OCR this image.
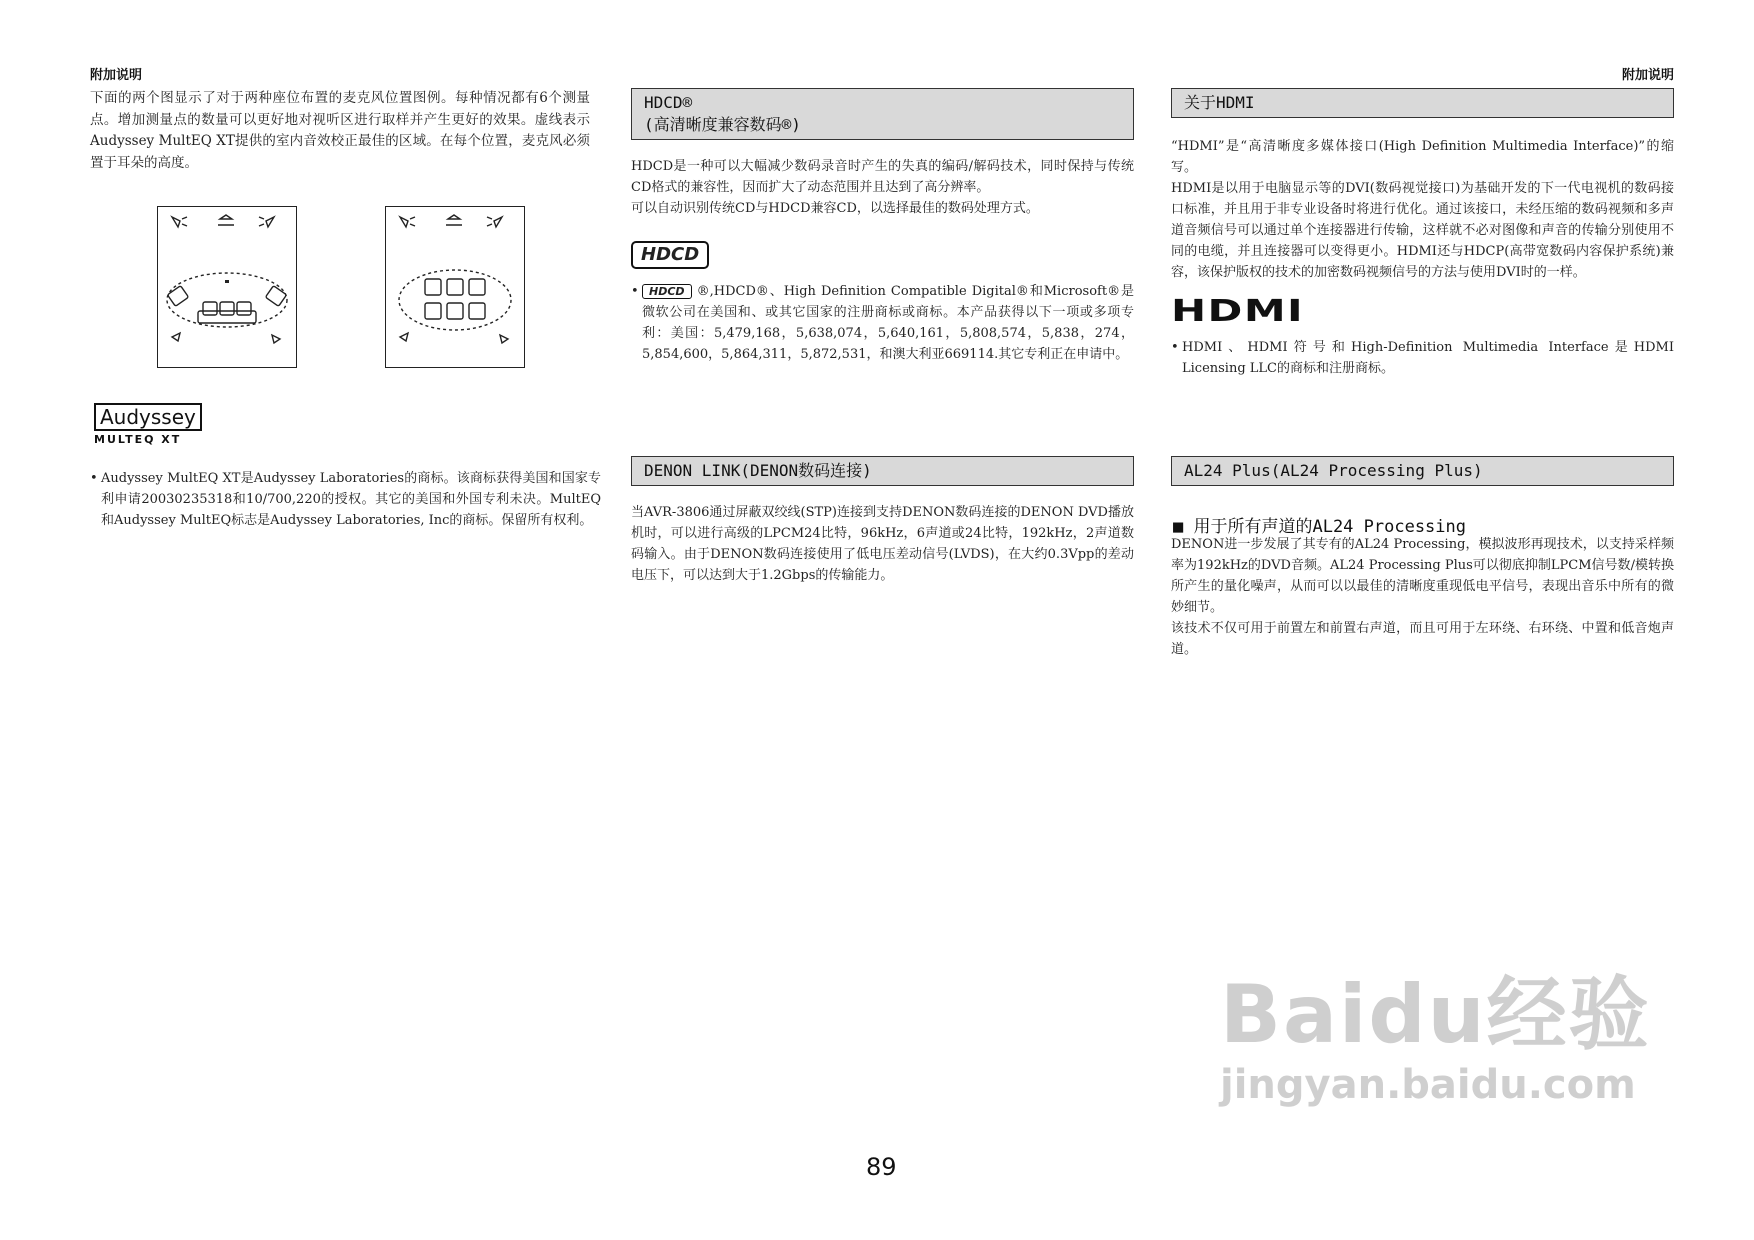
附加说明	附加说明

下面的两个图显示了对于两种座位布置的麦克风位置图例。每种情况都有6个测量点。增加测量点的数量可以更好地对视听区进行取样并产生更好的效果。虚线表示Audyssey MultEQ XT提供的室内音效校正最佳的区域。在每个位置，麦克风必须置于耳朵的高度。

Audyssey
MULTEQ XT
• Audyssey MultEQ XT是Audyssey Laboratories的商标。该商标获得美国和国家专利申请20030235318和10/700,220的授权。其它的美国和外国专利未决。MultEQ和Audyssey MultEQ标志是Audyssey Laboratories, Inc的商标。保留所有权利。
HDCD®
(高清晰度兼容数码®)

HDCD是一种可以大幅减少数码录音时产生的失真的编码/解码技术，同时保持与传统CD格式的兼容性，因而扩大了动态范围并且达到了高分辨率。
可以自动识别传统CD与HDCD兼容CD，以选择最佳的数码处理方式。

HDCD
• HDCD ®,HDCD®、High Definition Compatible Digital®和Microsoft®是微软公司在美国和、或其它国家的注册商标或商标。本产品获得以下一项或多项专利：美国：5,479,168，5,638,074，5,640,161，5,808,574，5,838，274，5,854,600，5,864,311，5,872,531，和澳大利亚669114.其它专利正在申请中。
DENON LINK(DENON数码连接)

当AVR-3806通过屏蔽双绞线(STP)连接到支持DENON数码连接的DENON DVD播放机时，可以进行高级的LPCM24比特，96kHz，6声道或24比特，192kHz，2声道数码输入。由于DENON数码连接使用了低电压差动信号(LVDS)，在大约0.3Vpp的差动电压下，可以达到大于1.2Gbps的传输能力。

关于HDMI

“HDMI”是“高清晰度多媒体接口(High Definition Multimedia Interface)”的缩写。
HDMI是以用于电脑显示等的DVI(数码视觉接口)为基础开发的下一代电视机的数码接口标准，并且用于非专业设备时将进行优化。通过该接口，未经压缩的数码视频和多声道音频信号可以通过单个连接器进行传输，这样就不必对图像和声音的传输分别使用不同的电缆，并且连接器可以变得更小。HDMI还与HDCP(高带宽数码内容保护系统)兼容，该保护版权的技术的加密数码视频信号的方法与使用DVI时的一样。

HDMI
• HDMI、HDMI符号和High-Definition Multimedia Interface是HDMI Licensing LLC的商标和注册商标。
AL24 Plus(AL24 Processing Plus)
■ 用于所有声道的AL24 Processing

DENON进一步发展了其专有的AL24 Processing，模拟波形再现技术，以支持采样频率为192kHz的DVD音频。AL24 Processing Plus可以彻底抑制LPCM信号数/模转换所产生的量化噪声，从而可以以最佳的清晰度重现低电平信号，表现出音乐中所有的微妙细节。
该技术不仅可用于前置左和前置右声道，而且可用于左环绕、右环绕、中置和低音炮声道。

89
Baidu经验
jingyan.baidu.com
